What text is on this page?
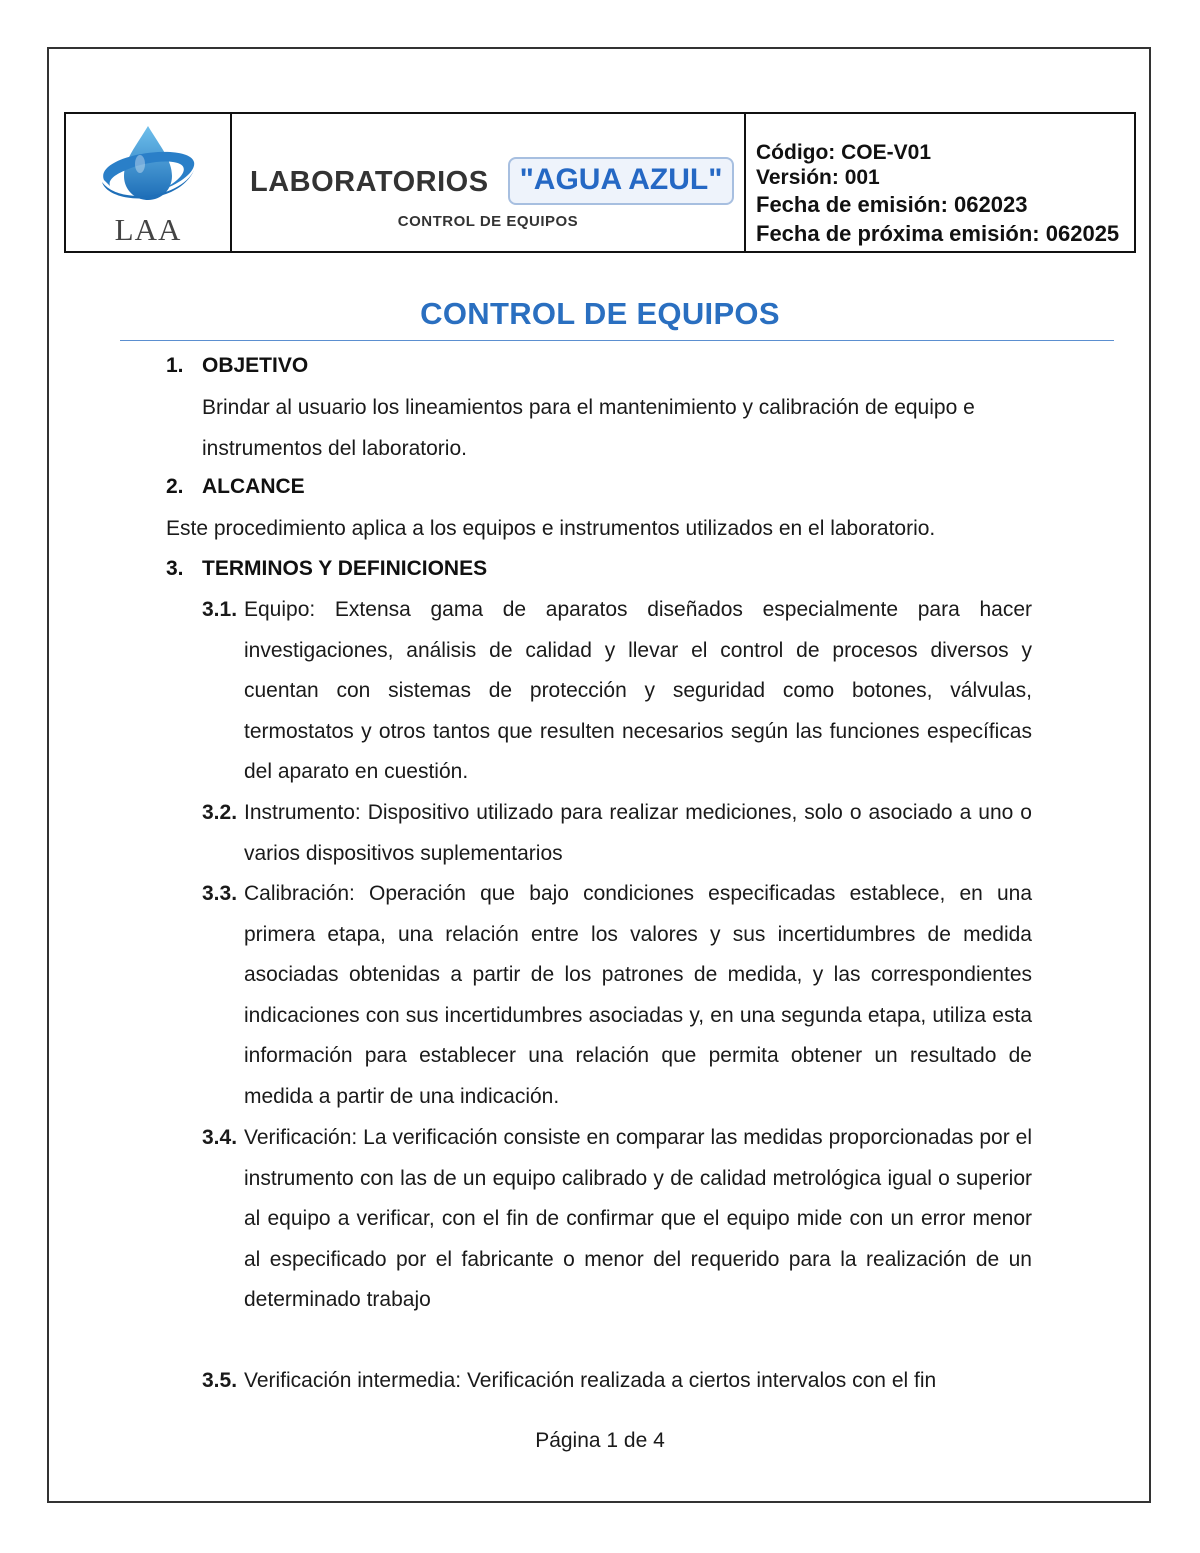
LAA
LABORATORIOS	"AGUA AZUL"
CONTROL DE EQUIPOS
Código: COE-V01
Versión: 001
Fecha de emisión: 062023
Fecha de próxima emisión: 062025
CONTROL DE EQUIPOS
1. OBJETIVO
Brindar al usuario los lineamientos para el mantenimiento y calibración de equipo e instrumentos del laboratorio.
2. ALCANCE
Este procedimiento aplica a los equipos e instrumentos utilizados en el laboratorio.
3. TERMINOS Y DEFINICIONES
3.1. Equipo: Extensa gama de aparatos diseñados especialmente para hacer investigaciones, análisis de calidad y llevar el control de procesos diversos y cuentan con sistemas de protección y seguridad como botones, válvulas, termostatos y otros tantos que resulten necesarios según las funciones específicas del aparato en cuestión.
3.2. Instrumento: Dispositivo utilizado para realizar mediciones, solo o asociado a uno o varios dispositivos suplementarios
3.3. Calibración: Operación que bajo condiciones especificadas establece, en una primera etapa, una relación entre los valores y sus incertidumbres de medida asociadas obtenidas a partir de los patrones de medida, y las correspondientes indicaciones con sus incertidumbres asociadas y, en una segunda etapa, utiliza esta información para establecer una relación que permita obtener un resultado de medida a partir de una indicación.
3.4. Verificación: La verificación consiste en comparar las medidas proporcionadas por el instrumento con las de un equipo calibrado y de calidad metrológica igual o superior al equipo a verificar, con el fin de confirmar que el equipo mide con un error menor al especificado por el fabricante o menor del requerido para la realización de un determinado trabajo
3.5. Verificación intermedia: Verificación realizada a ciertos intervalos con el fin
Página 1 de 4
